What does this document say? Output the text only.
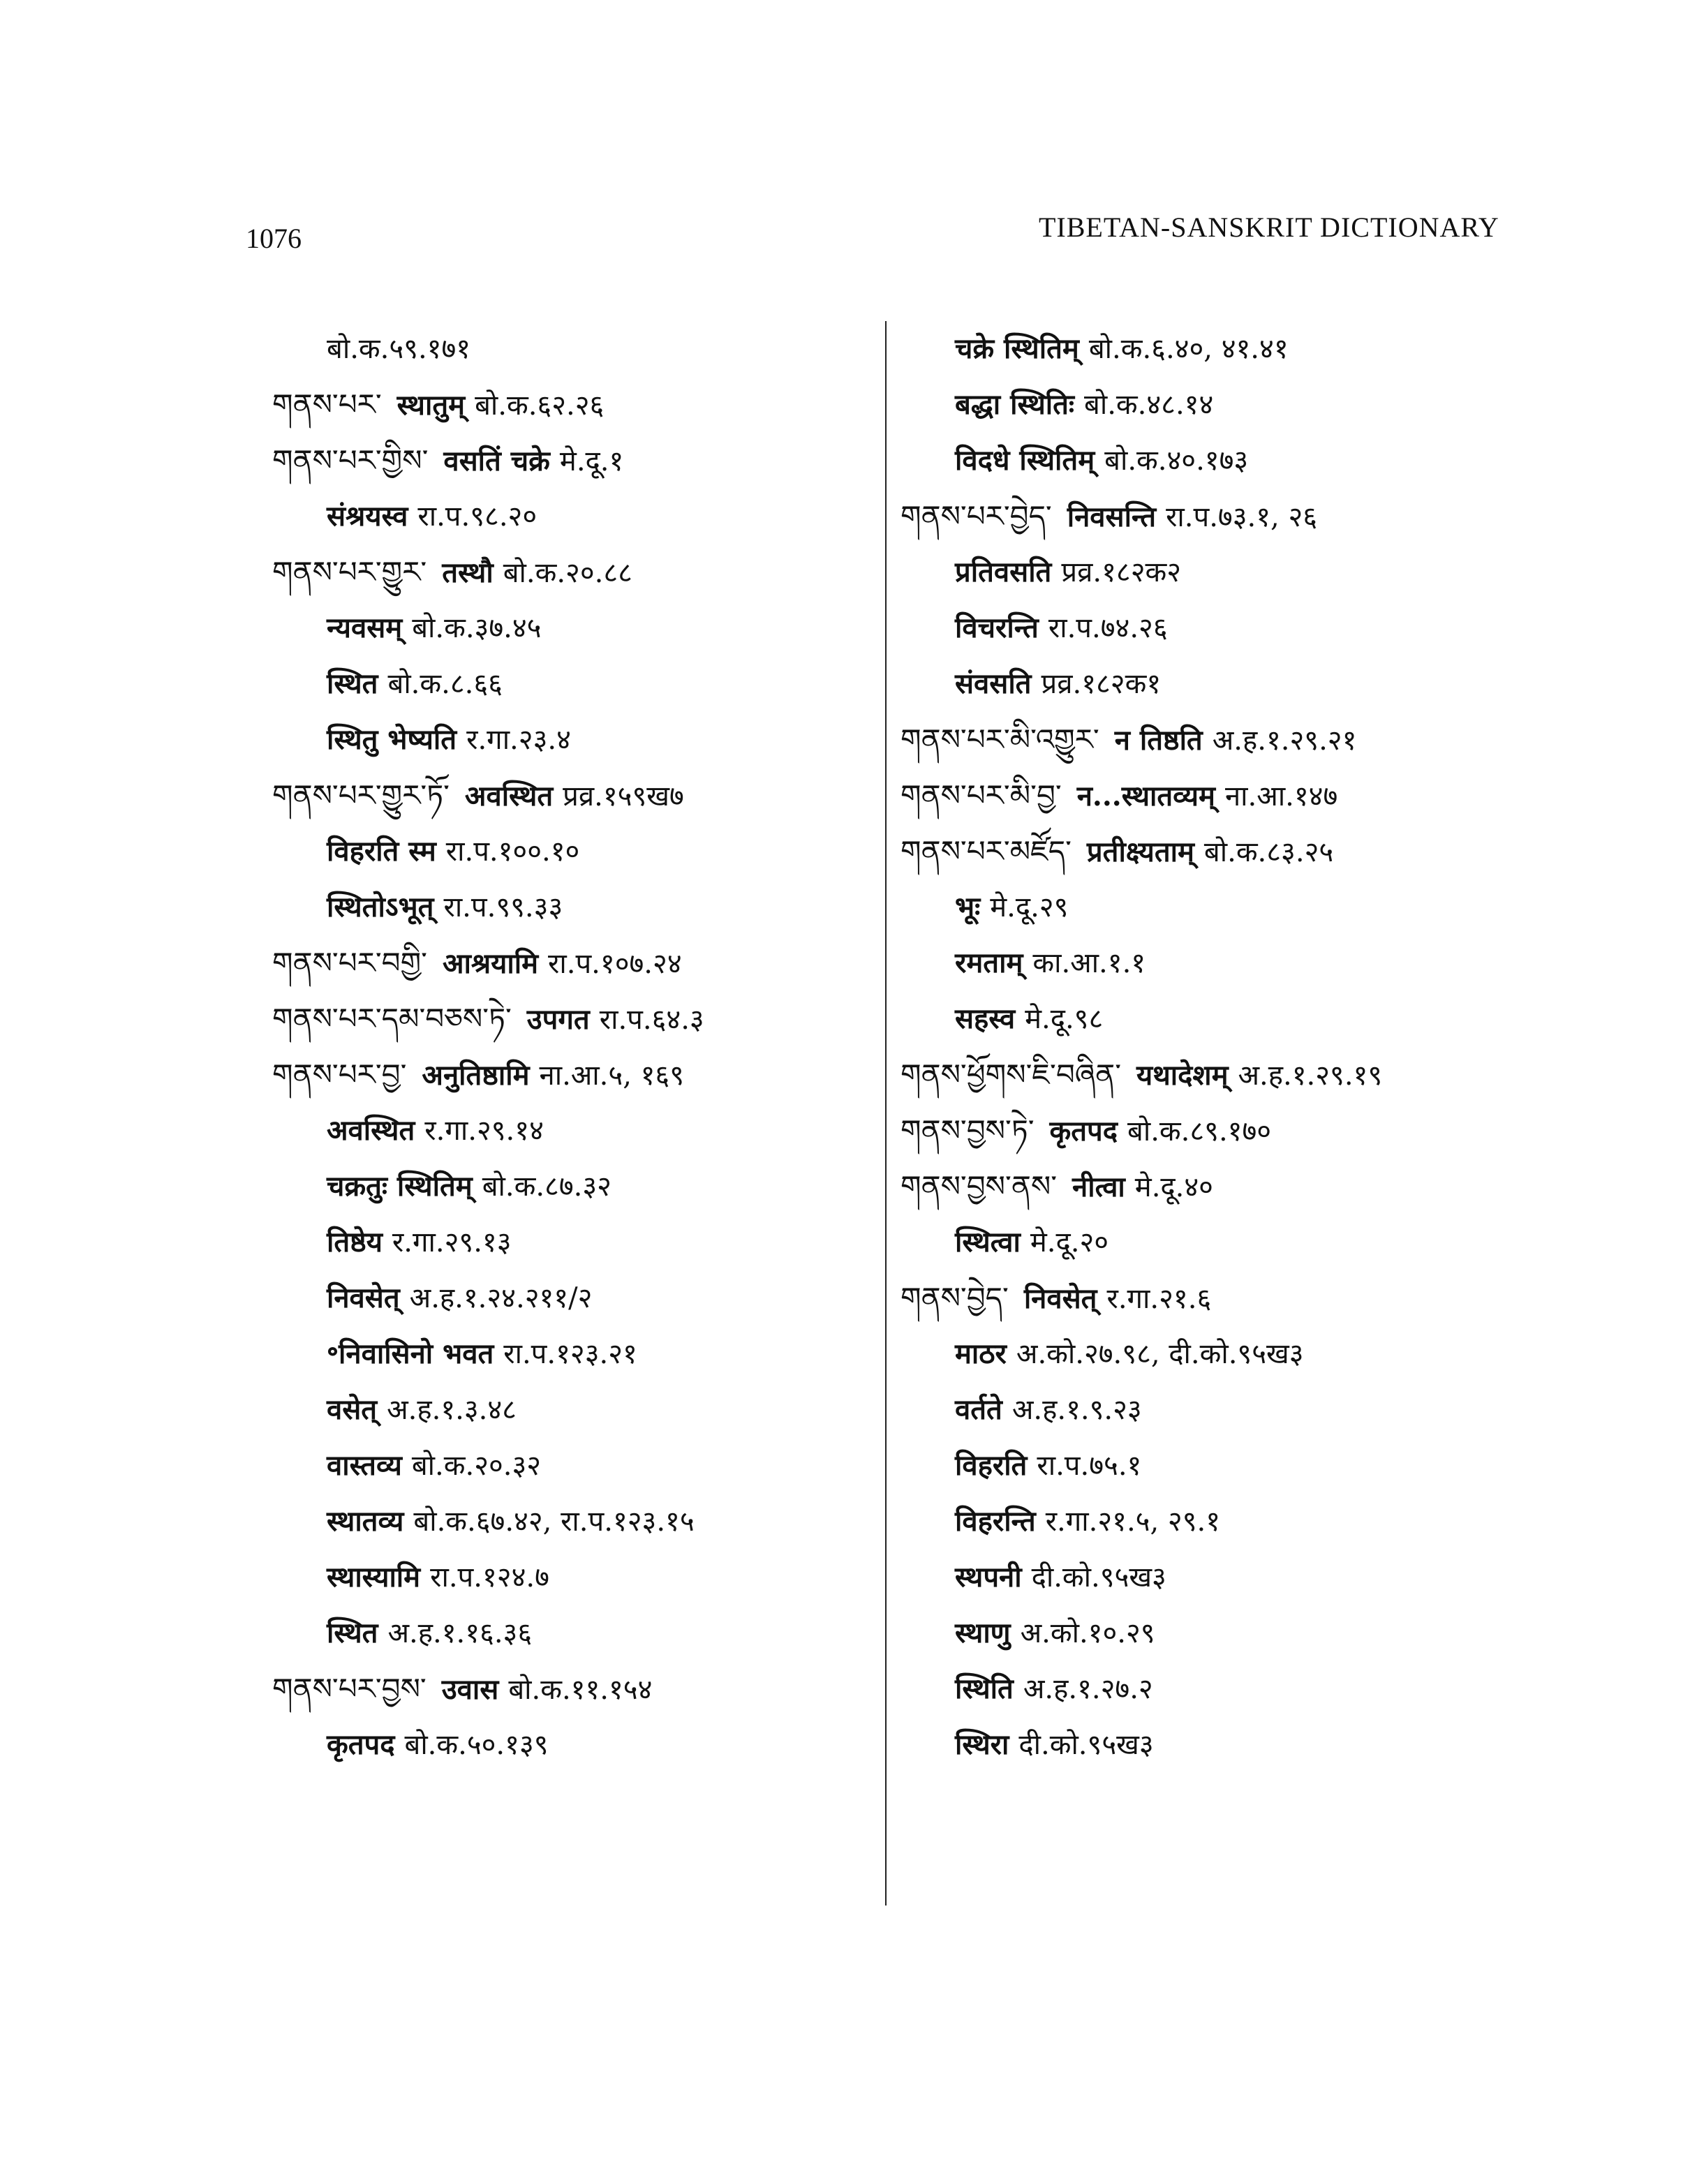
1076	TIBETAN-SANSKRIT DICTIONARY
बो.क.५९.१७१
གནས་པར་ स्थातुम् बो.क.६२.२६
གནས་པར་གྱིས་ वसतिं चक्रे मे.दू.१
संश्रयस्व रा.प.९८.२०
གནས་པར་གྱུར་ तस्थौ बो.क.२०.८८
न्यवसम् बो.क.३७.४५
स्थित बो.क.८.६६
स्थितु भेष्यति र.गा.२३.४
གནས་པར་གྱུར་ཏོ་ अवस्थित प्रव्र.१५९ख७
विहरति स्म रा.प.१००.१०
स्थितोऽभूत् रा.प.९९.३३
གནས་པར་བགྱི་ आश्रयामि रा.प.१०७.२४
གནས་པར་དམ་བཅས་ཏེ་ उपगत रा.प.६४.३
གནས་པར་བྱ་ अनुतिष्ठामि ना.आ.५, १६९
अवस्थित र.गा.२९.१४
चक्रतुः स्थितिम् बो.क.८७.३२
तिष्ठेय र.गा.२९.१३
निवसेत् अ.ह.१.२४.२११/२
॰निवासिनो भवत रा.प.१२३.२१
वसेत् अ.ह.१.३.४८
वास्तव्य बो.क.२०.३२
स्थातव्य बो.क.६७.४२, रा.प.१२३.१५
स्थास्यामि रा.प.१२४.७
स्थित अ.ह.१.१६.३६
གནས་པར་བྱས་ उवास बो.क.११.१५४
कृतपद बो.क.५०.१३९
चक्रे स्थितिम् बो.क.६.४०, ४१.४१
बद्धा स्थितिः बो.क.४८.१४
विदधे स्थितिम् बो.क.४०.१७३
གནས་པར་བྱེད་ निवसन्ति रा.प.७३.१, २६
प्रतिवसति प्रव्र.१८२क२
विचरन्ति रा.प.७४.२६
संवसति प्रव्र.१८२क१
གནས་པར་མི་འགྱུར་ न तिष्ठति अ.ह.१.२९.२१
གནས་པར་མི་བྱ་ न...स्थातव्यम् ना.आ.१४७
གནས་པར་མཛོད་ प्रतीक्ष्यताम् बो.क.८३.२५
भूः मे.दू.२९
रमताम् का.आ.१.१
सहस्व मे.दू.९८
གནས་ཕྱོགས་ཇི་བཞིན་ यथादेशम् अ.ह.१.२९.१९
གནས་བྱས་ཏེ་ कृतपद बो.क.८९.१७०
གནས་བྱས་ནས་ नीत्वा मे.दू.४०
स्थित्वा मे.दू.२०
གནས་བྱེད་ निवसेत् र.गा.२१.६
माठर अ.को.२७.९८, दी.को.९५ख३
वर्तते अ.ह.१.९.२३
विहरति रा.प.७५.१
विहरन्ति र.गा.२१.५, २९.१
स्थपनी दी.को.९५ख३
स्थाणु अ.को.१०.२९
स्थिति अ.ह.१.२७.२
स्थिरा दी.को.९५ख३
